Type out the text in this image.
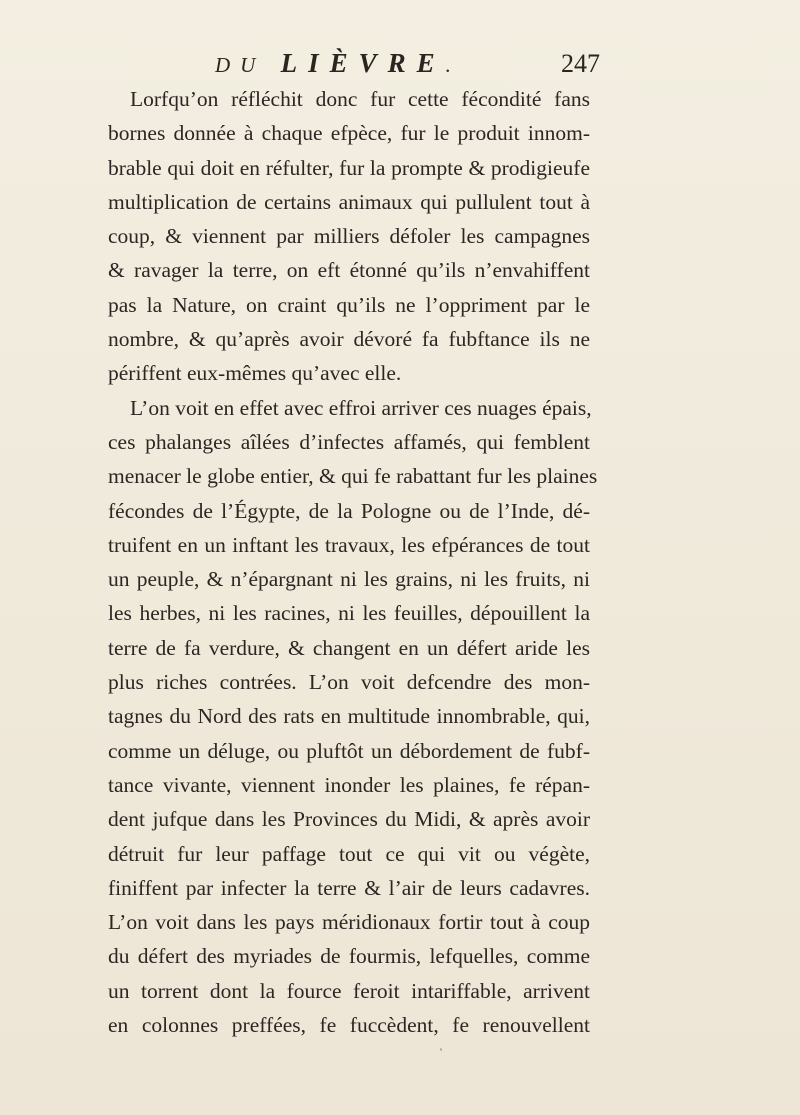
DU LIÈVRE.	247
Lorfqu’on réfléchit donc fur cette fécondité fans
bornes donnée à chaque efpèce, fur le produit innom-
brable qui doit en réfulter, fur la prompte & prodigieufe
multiplication de certains animaux qui pullulent tout à
coup, & viennent par milliers défoler les campagnes
& ravager la terre, on eft étonné qu’ils n’envahiffent
pas la Nature, on craint qu’ils ne l’oppriment par le
nombre, & qu’après avoir dévoré fa fubftance ils ne
périffent eux-mêmes qu’avec elle.
L’on voit en effet avec effroi arriver ces nuages épais,
ces phalanges aîlées d’infectes affamés, qui femblent
menacer le globe entier, & qui fe rabattant fur les plaines
fécondes de l’Égypte, de la Pologne ou de l’Inde, dé-
truifent en un inftant les travaux, les efpérances de tout
un peuple, & n’épargnant ni les grains, ni les fruits, ni
les herbes, ni les racines, ni les feuilles, dépouillent la
terre de fa verdure, & changent en un défert aride les
plus riches contrées. L’on voit defcendre des mon-
tagnes du Nord des rats en multitude innombrable, qui,
comme un déluge, ou pluftôt un débordement de fubf-
tance vivante, viennent inonder les plaines, fe répan-
dent jufque dans les Provinces du Midi, & après avoir
détruit fur leur paffage tout ce qui vit ou végète,
finiffent par infecter la terre & l’air de leurs cadavres.
L’on voit dans les pays méridionaux fortir tout à coup
du défert des myriades de fourmis, lefquelles, comme
un torrent dont la fource feroit intariffable, arrivent
en colonnes preffées, fe fuccèdent, fe renouvellent
